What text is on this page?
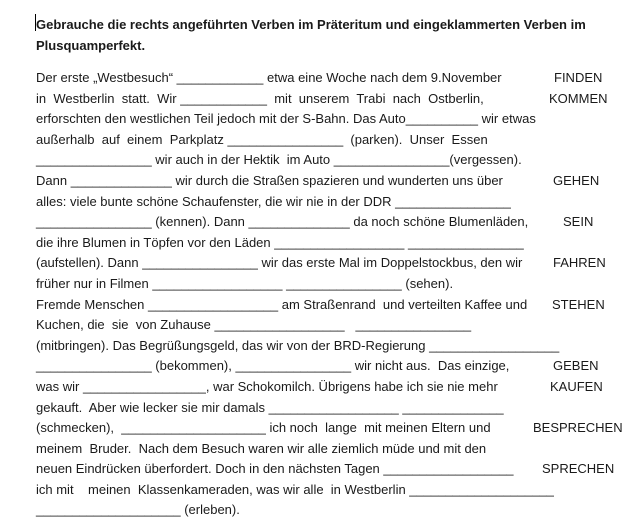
Gebrauche die rechts angeführten Verben im Präteritum und eingeklammerten Verben im Plusquamperfekt.
Der erste „Westbesuch“ ____________ etwa eine Woche nach dem 9.November
in  Westberlin  statt.  Wir ____________  mit  unserem  Trabi  nach  Ostberlin,
erforschten den westlichen Teil jedoch mit der S-Bahn. Das Auto__________ wir etwas
außerhalb  auf  einem  Parkplatz ________________  (parken).  Unser  Essen
________________ wir auch in der Hektik  im Auto ________________(vergessen).
Dann ______________ wir durch die Straßen spazieren und wunderten uns über
alles: viele bunte schöne Schaufenster, die wir nie in der DDR ________________
________________ (kennen). Dann ______________ da noch schöne Blumenläden,
die ihre Blumen in Töpfen vor den Läden __________________ ________________
(aufstellen). Dann ________________ wir das erste Mal im Doppelstockbus, den wir
früher nur in Filmen __________________ ________________ (sehen).
Fremde Menschen __________________ am Straßenrand  und verteilten Kaffee und
Kuchen, die  sie  von Zuhause __________________   ________________
(mitbringen). Das Begrüßungsgeld, das wir von der BRD-Regierung __________________
________________ (bekommen), ________________ wir nicht aus.  Das einzige,
was wir _________________, war Schokomilch. Übrigens habe ich sie nie mehr
gekauft.  Aber wie lecker sie mir damals __________________ ______________
(schmecken),  ____________________ ich noch  lange  mit meinen Eltern und
meinem  Bruder.  Nach dem Besuch waren wir alle ziemlich müde und mit den
neuen Eindrücken überfordert. Doch in den nächsten Tagen __________________
ich mit    meinen  Klassenkameraden, was wir alle  in Westberlin ____________________
____________________ (erleben).
FINDEN
KOMMEN
GEHEN
SEIN
FAHREN
STEHEN
GEBEN
KAUFEN
BESPRECHEN
SPRECHEN
